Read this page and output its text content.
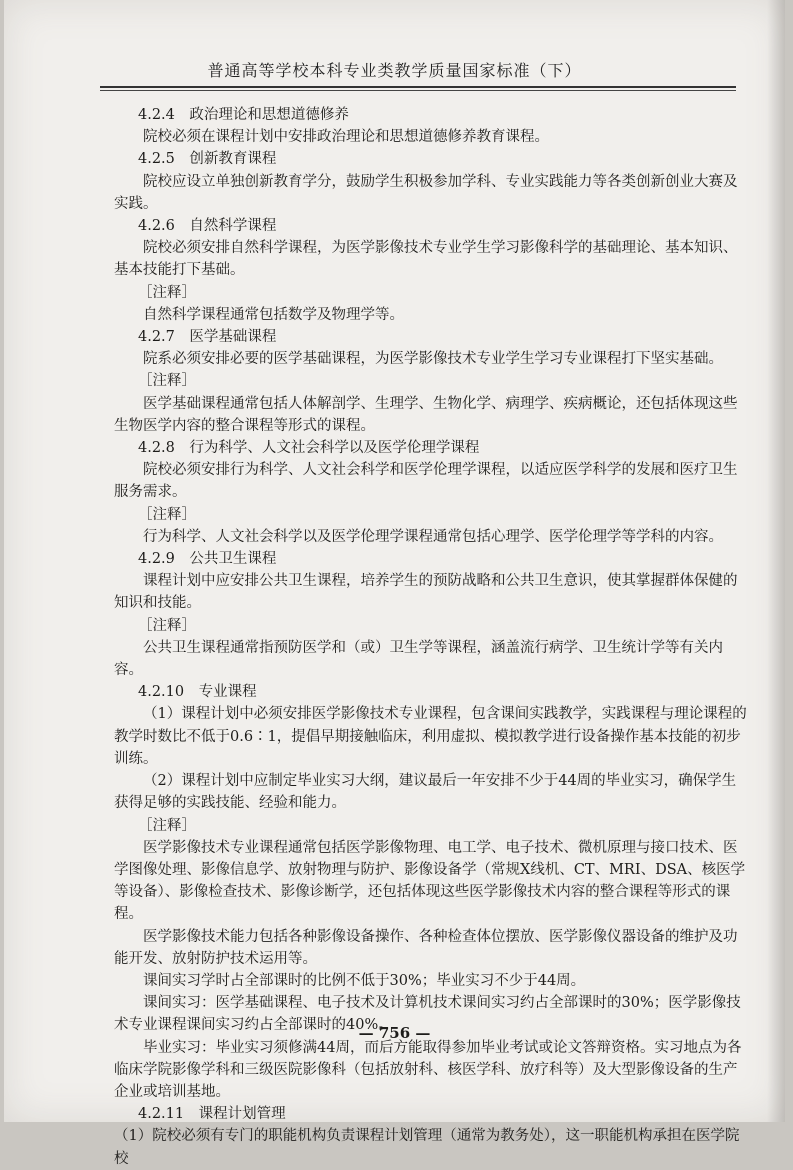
普通高等学校本科专业类教学质量国家标准（下）

4.2.4　政治理论和思想道德修养

院校必须在课程计划中安排政治理论和思想道德修养教育课程。

4.2.5　创新教育课程

院校应设立单独创新教育学分，鼓励学生积极参加学科、专业实践能力等各类创新创业大赛及实践。

4.2.6　自然科学课程

院校必须安排自然科学课程，为医学影像技术专业学生学习影像科学的基础理论、基本知识、基本技能打下基础。

［注释］

自然科学课程通常包括数学及物理学等。

4.2.7　医学基础课程

院系必须安排必要的医学基础课程，为医学影像技术专业学生学习专业课程打下坚实基础。

［注释］

医学基础课程通常包括人体解剖学、生理学、生物化学、病理学、疾病概论，还包括体现这些生物医学内容的整合课程等形式的课程。

4.2.8　行为科学、人文社会科学以及医学伦理学课程

院校必须安排行为科学、人文社会科学和医学伦理学课程，以适应医学科学的发展和医疗卫生服务需求。

［注释］

行为科学、人文社会科学以及医学伦理学课程通常包括心理学、医学伦理学等学科的内容。

4.2.9　公共卫生课程

课程计划中应安排公共卫生课程，培养学生的预防战略和公共卫生意识，使其掌握群体保健的知识和技能。

［注释］

公共卫生课程通常指预防医学和（或）卫生学等课程，涵盖流行病学、卫生统计学等有关内容。

4.2.10　专业课程

（1）课程计划中必须安排医学影像技术专业课程，包含课间实践教学，实践课程与理论课程的教学时数比不低于0.6∶1，提倡早期接触临床，利用虚拟、模拟教学进行设备操作基本技能的初步训练。

（2）课程计划中应制定毕业实习大纲，建议最后一年安排不少于44周的毕业实习，确保学生获得足够的实践技能、经验和能力。

［注释］

医学影像技术专业课程通常包括医学影像物理、电工学、电子技术、微机原理与接口技术、医学图像处理、影像信息学、放射物理与防护、影像设备学（常规X线机、CT、MRI、DSA、核医学等设备）、影像检查技术、影像诊断学，还包括体现这些医学影像技术内容的整合课程等形式的课程。

医学影像技术能力包括各种影像设备操作、各种检查体位摆放、医学影像仪器设备的维护及功能开发、放射防护技术运用等。

课间实习学时占全部课时的比例不低于30%；毕业实习不少于44周。

课间实习：医学基础课程、电子技术及计算机技术课间实习约占全部课时的30%；医学影像技术专业课程课间实习约占全部课时的40%。

毕业实习：毕业实习须修满44周，而后方能取得参加毕业考试或论文答辩资格。实习地点为各临床学院影像学科和三级医院影像科（包括放射科、核医学科、放疗科等）及大型影像设备的生产企业或培训基地。

4.2.11　课程计划管理

（1）院校必须有专门的职能机构负责课程计划管理（通常为教务处），这一职能机构承担在医学院校

— 756 —
